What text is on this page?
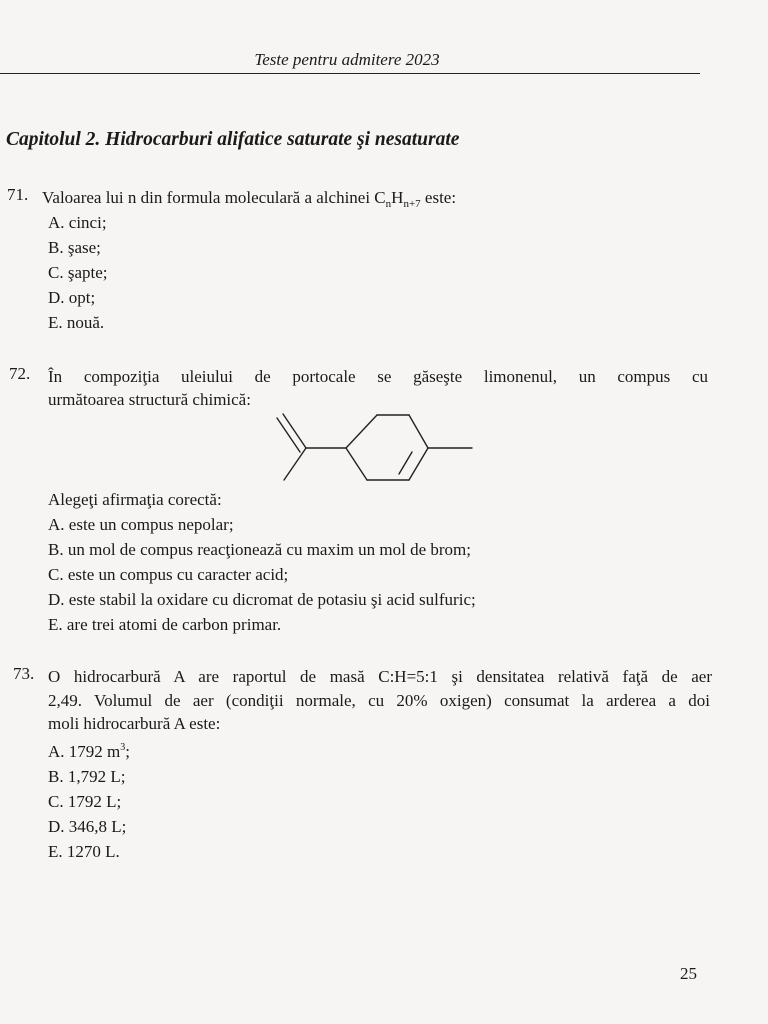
Teste pentru admitere 2023
Capitolul 2. Hidrocarburi alifatice saturate şi nesaturate
71. Valoarea lui n din formula moleculară a alchinei $C_nH_{n+7}$ este:
A. cinci;
B. şase;
C. şapte;
D. opt;
E. nouă.
72. În compoziţia uleiului de portocale se găseşte limonenul, un compus cu
următoarea structură chimică:
Alegeţi afirmaţia corectă:
A. este un compus nepolar;
B. un mol de compus reacţionează cu maxim un mol de brom;
C. este un compus cu caracter acid;
D. este stabil la oxidare cu dicromat de potasiu şi acid sulfuric;
E. are trei atomi de carbon primar.
73. O hidrocarbură A are raportul de masă C:H=5:1 şi densitatea relativă faţă de aer
2,49. Volumul de aer (condiţii normale, cu 20% oxigen) consumat la arderea a doi
moli hidrocarbură A este:
A. 1792 $m^3$;
B. 1,792 L;
C. 1792 L;
D. 346,8 L;
E. 1270 L.
25
